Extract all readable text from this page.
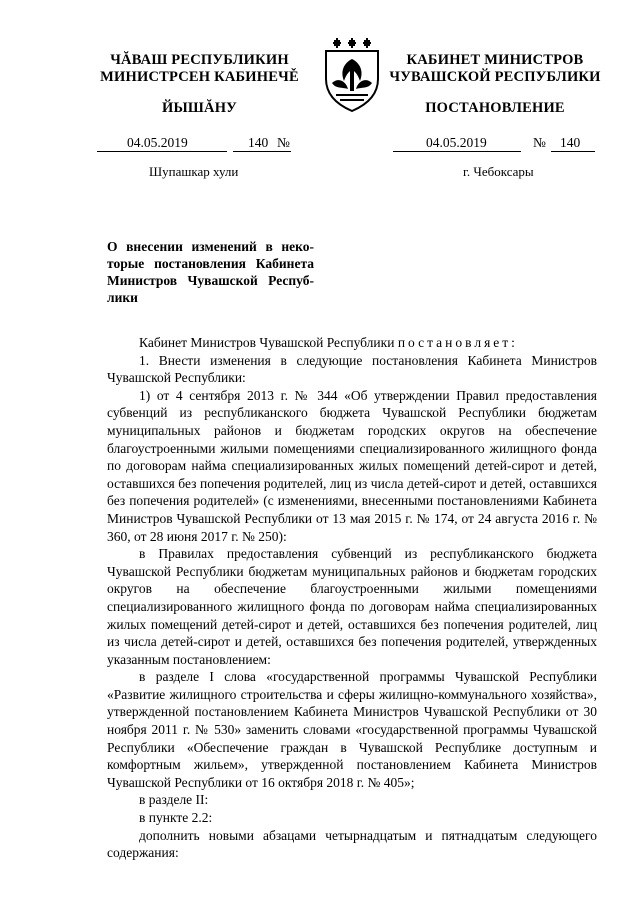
ЧĂВАШ РЕСПУБЛИКИН
МИНИСТРСЕН КАБИНЕЧĚ
ЙЫШĂНУ
КАБИНЕТ МИНИСТРОВ
ЧУВАШСКОЙ РЕСПУБЛИКИ
ПОСТАНОВЛЕНИЕ
04.05.2019	140 №
Шупашкар хули
04.05.2019	№ 140
г. Чебоксары
О внесении изменений в неко-
торые постановления Кабинета
Министров Чувашской Респуб-
лики

Кабинет Министров Чувашской Республики постановляет:

1. Внести изменения в следующие постановления Кабинета Министров Чувашской Республики:

1) от 4 сентября 2013 г. № 344 «Об утверждении Правил предоставления субвенций из республиканского бюджета Чувашской Республики бюджетам муниципальных районов и бюджетам городских округов на обеспечение благоустроенными жилыми помещениями специализированного жилищного фонда по договорам найма специализированных жилых помещений детей-сирот и детей, оставшихся без попечения родителей, лиц из числа детей-сирот и детей, оставшихся без попечения родителей» (с изменениями, внесенными постановлениями Кабинета Министров Чувашской Республики от 13 мая 2015 г. № 174, от 24 августа 2016 г. № 360, от 28 июня 2017 г. № 250):

в Правилах предоставления субвенций из республиканского бюджета Чувашской Республики бюджетам муниципальных районов и бюджетам городских округов на обеспечение благоустроенными жилыми помещениями специализированного жилищного фонда по договорам найма специализированных жилых помещений детей-сирот и детей, оставшихся без попечения родителей, лиц из числа детей-сирот и детей, оставшихся без попечения родителей, утвержденных указанным постановлением:

в разделе I слова «государственной программы Чувашской Республики «Развитие жилищного строительства и сферы жилищно-коммунального хозяйства», утвержденной постановлением Кабинета Министров Чувашской Республики от 30 ноября 2011 г. № 530» заменить словами «государственной программы Чувашской Республики «Обеспечение граждан в Чувашской Республике доступным и комфортным жильем», утвержденной постановлением Кабинета Министров Чувашской Республики от 16 октября 2018 г. № 405»;

в разделе II:

в пункте 2.2:

дополнить новыми абзацами четырнадцатым и пятнадцатым следующего содержания:
